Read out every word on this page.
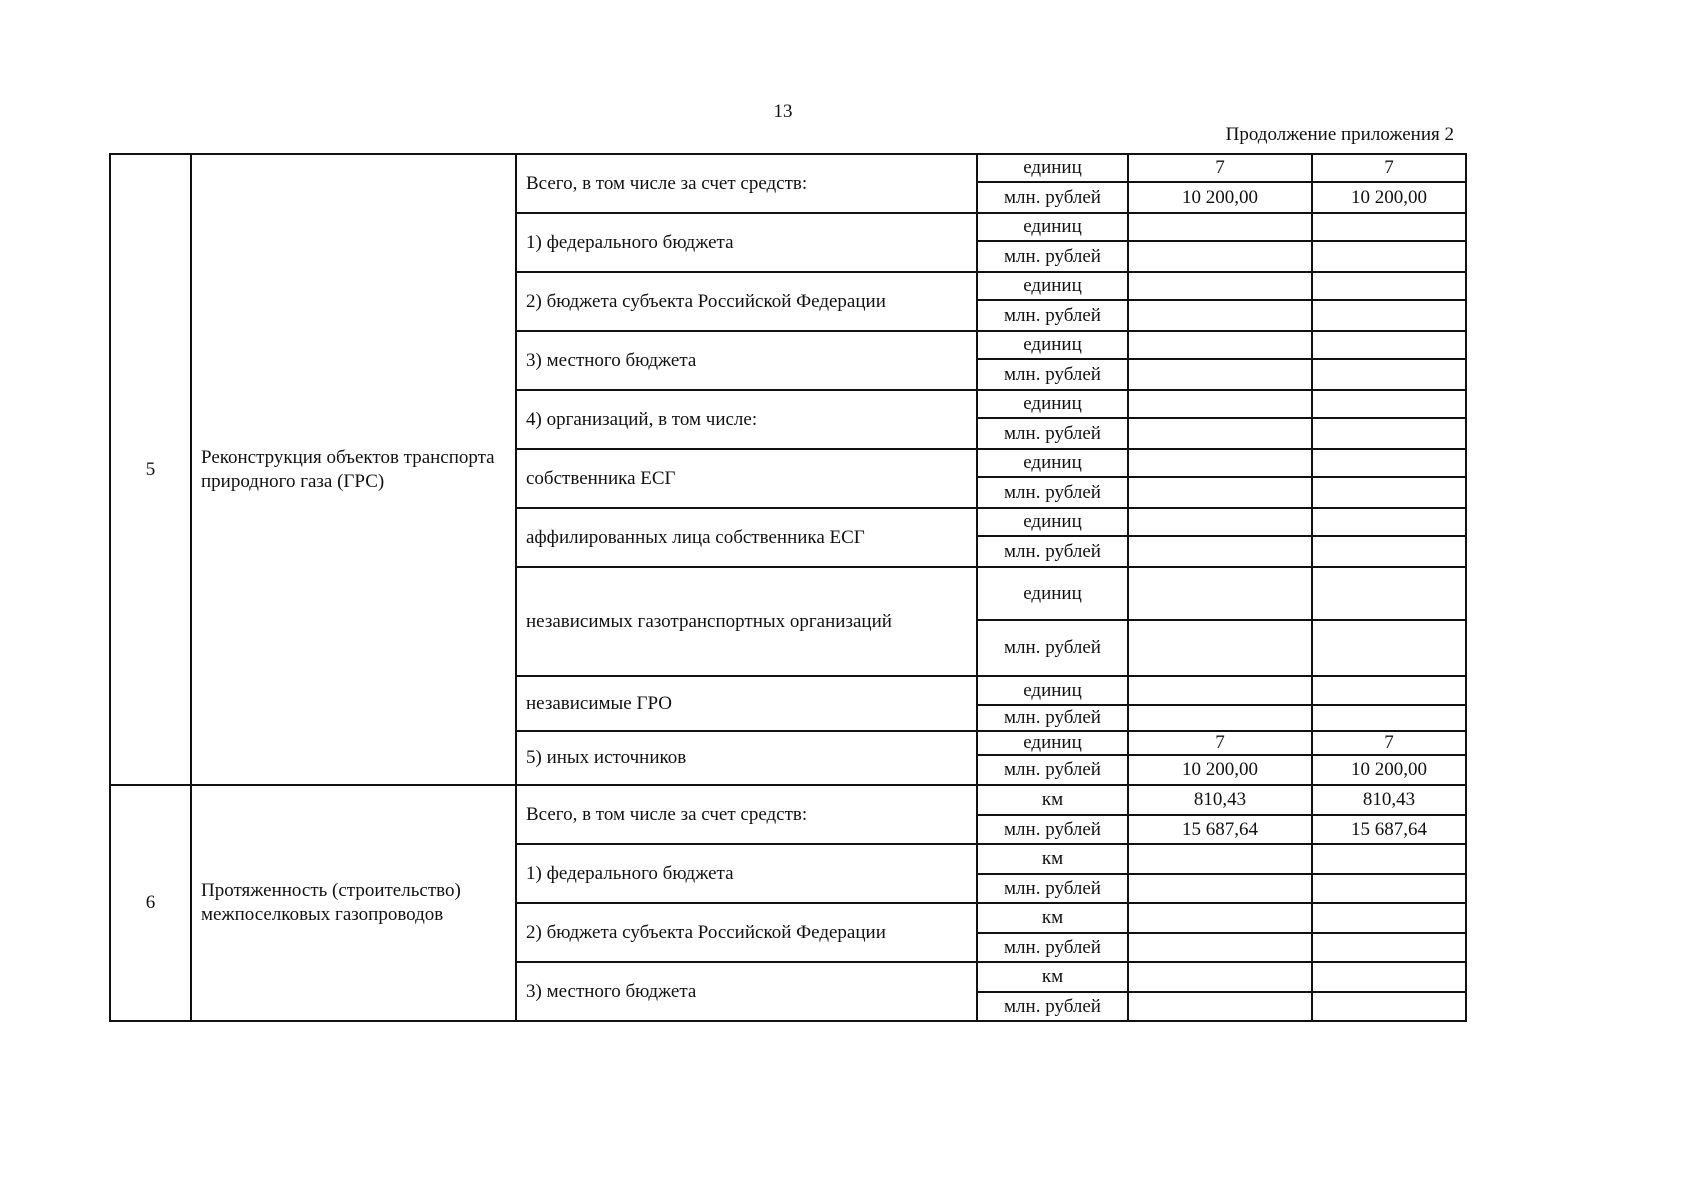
13
Продолжение приложения 2
5	Реконструкция объектов транспорта природного газа (ГРС)	Всего, в том числе за счет средств:	единиц	7	7
			млн. рублей	10 200,00	10 200,00
		1) федерального бюджета	единиц		
			млн. рублей		
		2) бюджета субъекта Российской Федерации	единиц		
			млн. рублей		
		3) местного бюджета	единиц		
			млн. рублей		
		4) организаций, в том числе:	единиц		
			млн. рублей		
		собственника ЕСГ	единиц		
			млн. рублей		
		аффилированных лица собственника ЕСГ	единиц		
			млн. рублей		
		независимых газотранспортных организаций	единиц		
			млн. рублей		
		независимые ГРО	единиц		
			млн. рублей		
		5) иных источников	единиц	7	7
			млн. рублей	10 200,00	10 200,00
6	Протяженность (строительство) межпоселковых газопроводов	Всего, в том числе за счет средств:	км	810,43	810,43
			млн. рублей	15 687,64	15 687,64
		1) федерального бюджета	км		
			млн. рублей		
		2) бюджета субъекта Российской Федерации	км		
			млн. рублей		
		3) местного бюджета	км		
			млн. рублей		
